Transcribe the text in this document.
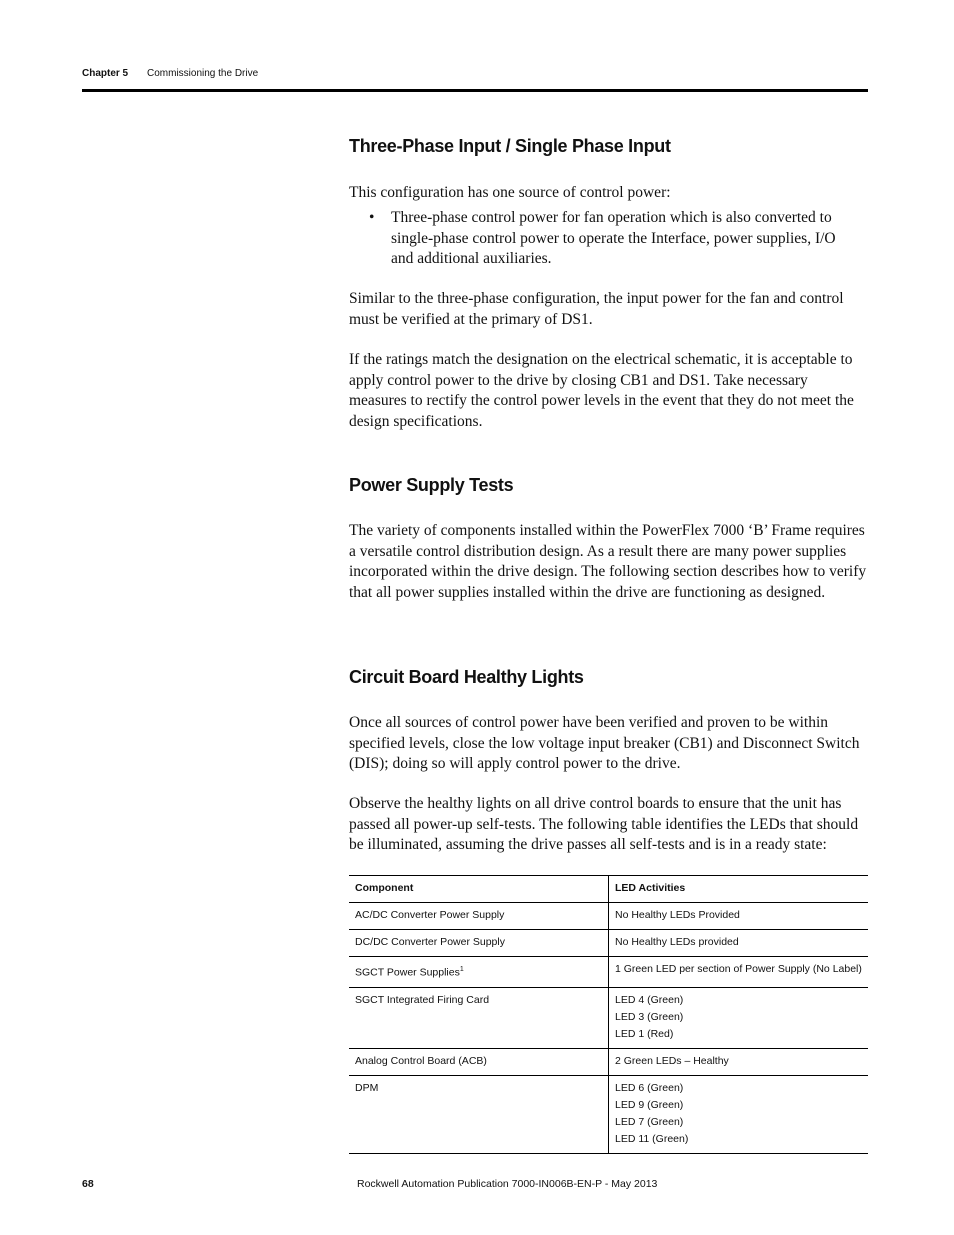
Chapter 5 Commissioning the Drive
Three-Phase Input / Single Phase Input
This configuration has one source of control power:
• Three-phase control power for fan operation which is also converted to single-phase control power to operate the Interface, power supplies, I/O and additional auxiliaries.
Similar to the three-phase configuration, the input power for the fan and control must be verified at the primary of DS1.
If the ratings match the designation on the electrical schematic, it is acceptable to apply control power to the drive by closing CB1 and DS1. Take necessary measures to rectify the control power levels in the event that they do not meet the design specifications.
Power Supply Tests
The variety of components installed within the PowerFlex 7000 ‘B’ Frame requires a versatile control distribution design. As a result there are many power supplies incorporated within the drive design. The following section describes how to verify that all power supplies installed within the drive are functioning as designed.
Circuit Board Healthy Lights
Once all sources of control power have been verified and proven to be within specified levels, close the low voltage input breaker (CB1) and Disconnect Switch (DIS); doing so will apply control power to the drive.
Observe the healthy lights on all drive control boards to ensure that the unit has passed all power-up self-tests. The following table identifies the LEDs that should be illuminated, assuming the drive passes all self-tests and is in a ready state:
Component	LED Activities
AC/DC Converter Power Supply	No Healthy LEDs Provided

DC/DC Converter Power Supply	No Healthy LEDs provided

SGCT Power Supplies$^1$	1 Green LED per section of Power Supply (No Label)

SGCT Integrated Firing Card	LED 4 (Green)
LED 3 (Green)
LED 1 (Red)

Analog Control Board (ACB)	2 Green LEDs – Healthy

DPM	LED 6 (Green)
LED 9 (Green)
LED 7 (Green)
LED 11 (Green)
68	Rockwell Automation Publication 7000-IN006B-EN-P - May 2013
